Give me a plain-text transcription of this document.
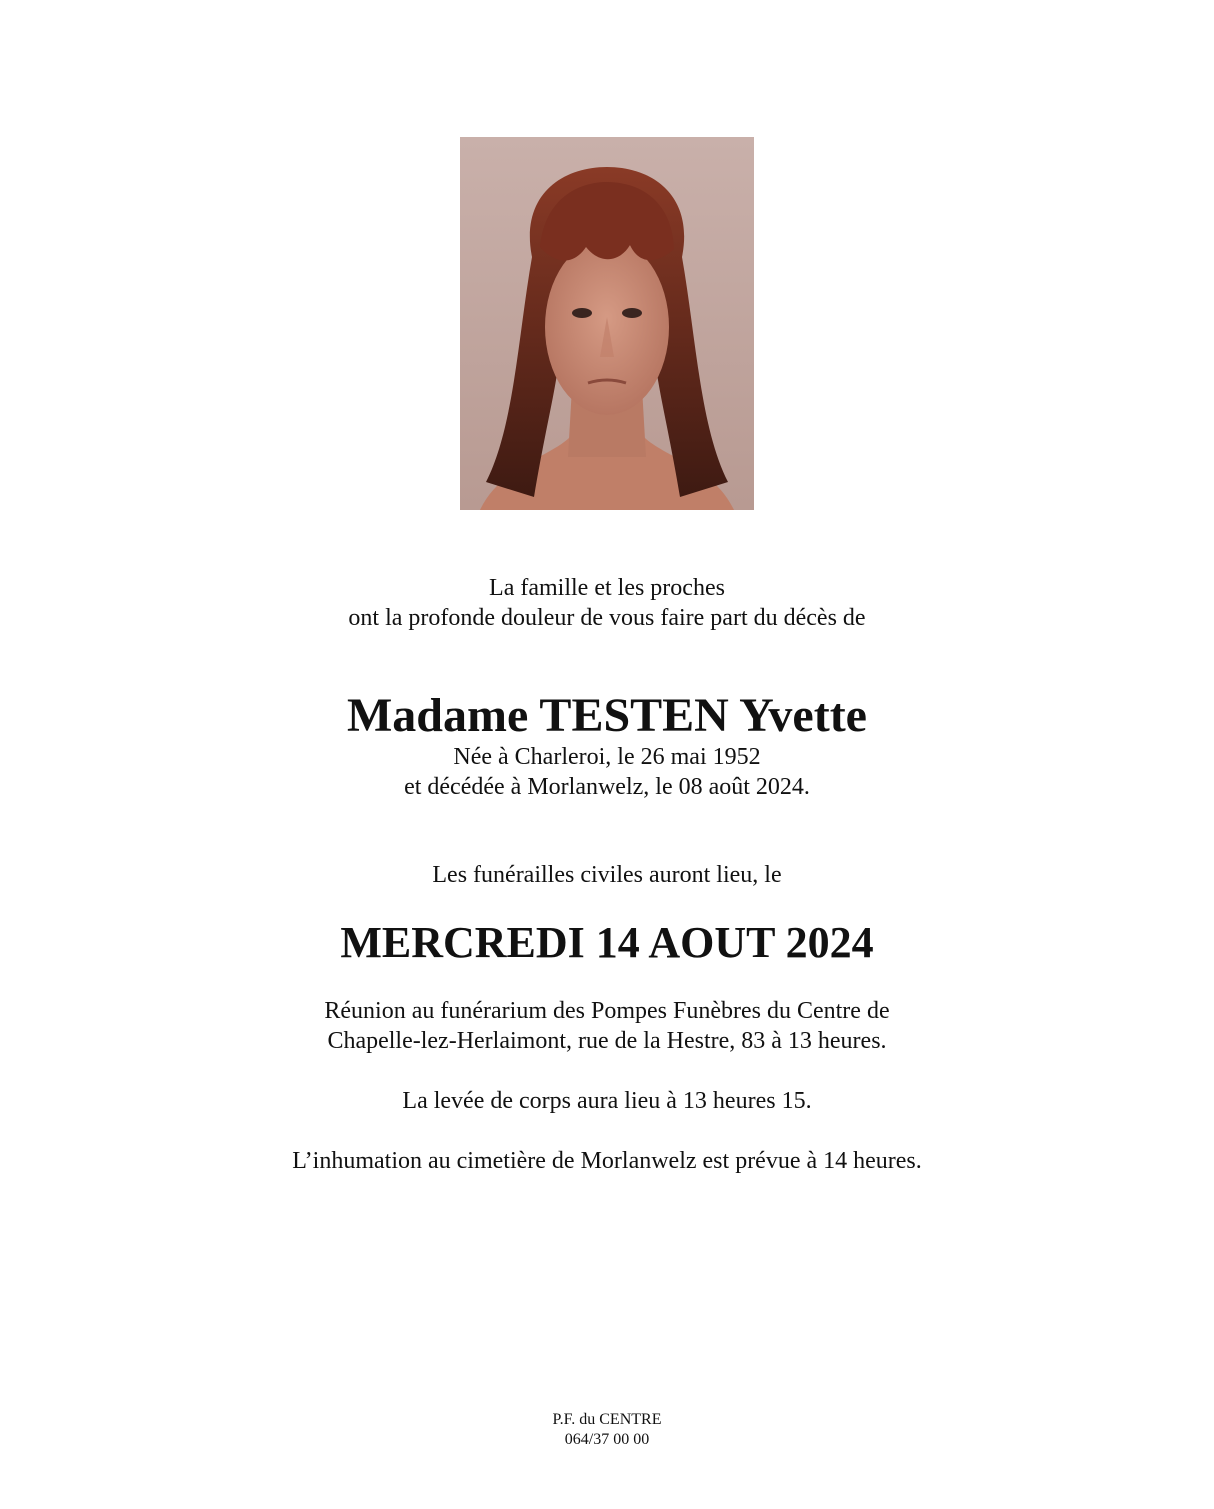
La famille et les proches
ont la profonde douleur de vous faire part du décès de
Madame TESTEN Yvette
Née à Charleroi, le 26 mai 1952
et décédée à Morlanwelz, le 08 août 2024.
Les funérailles civiles auront lieu, le
MERCREDI 14 AOUT 2024
Réunion au funérarium des Pompes Funèbres du Centre de
Chapelle-lez-Herlaimont, rue de la Hestre, 83 à 13 heures.
La levée de corps aura lieu à 13 heures 15.
L’inhumation au cimetière de Morlanwelz est prévue à 14 heures.
P.F. du CENTRE
064/37 00 00
